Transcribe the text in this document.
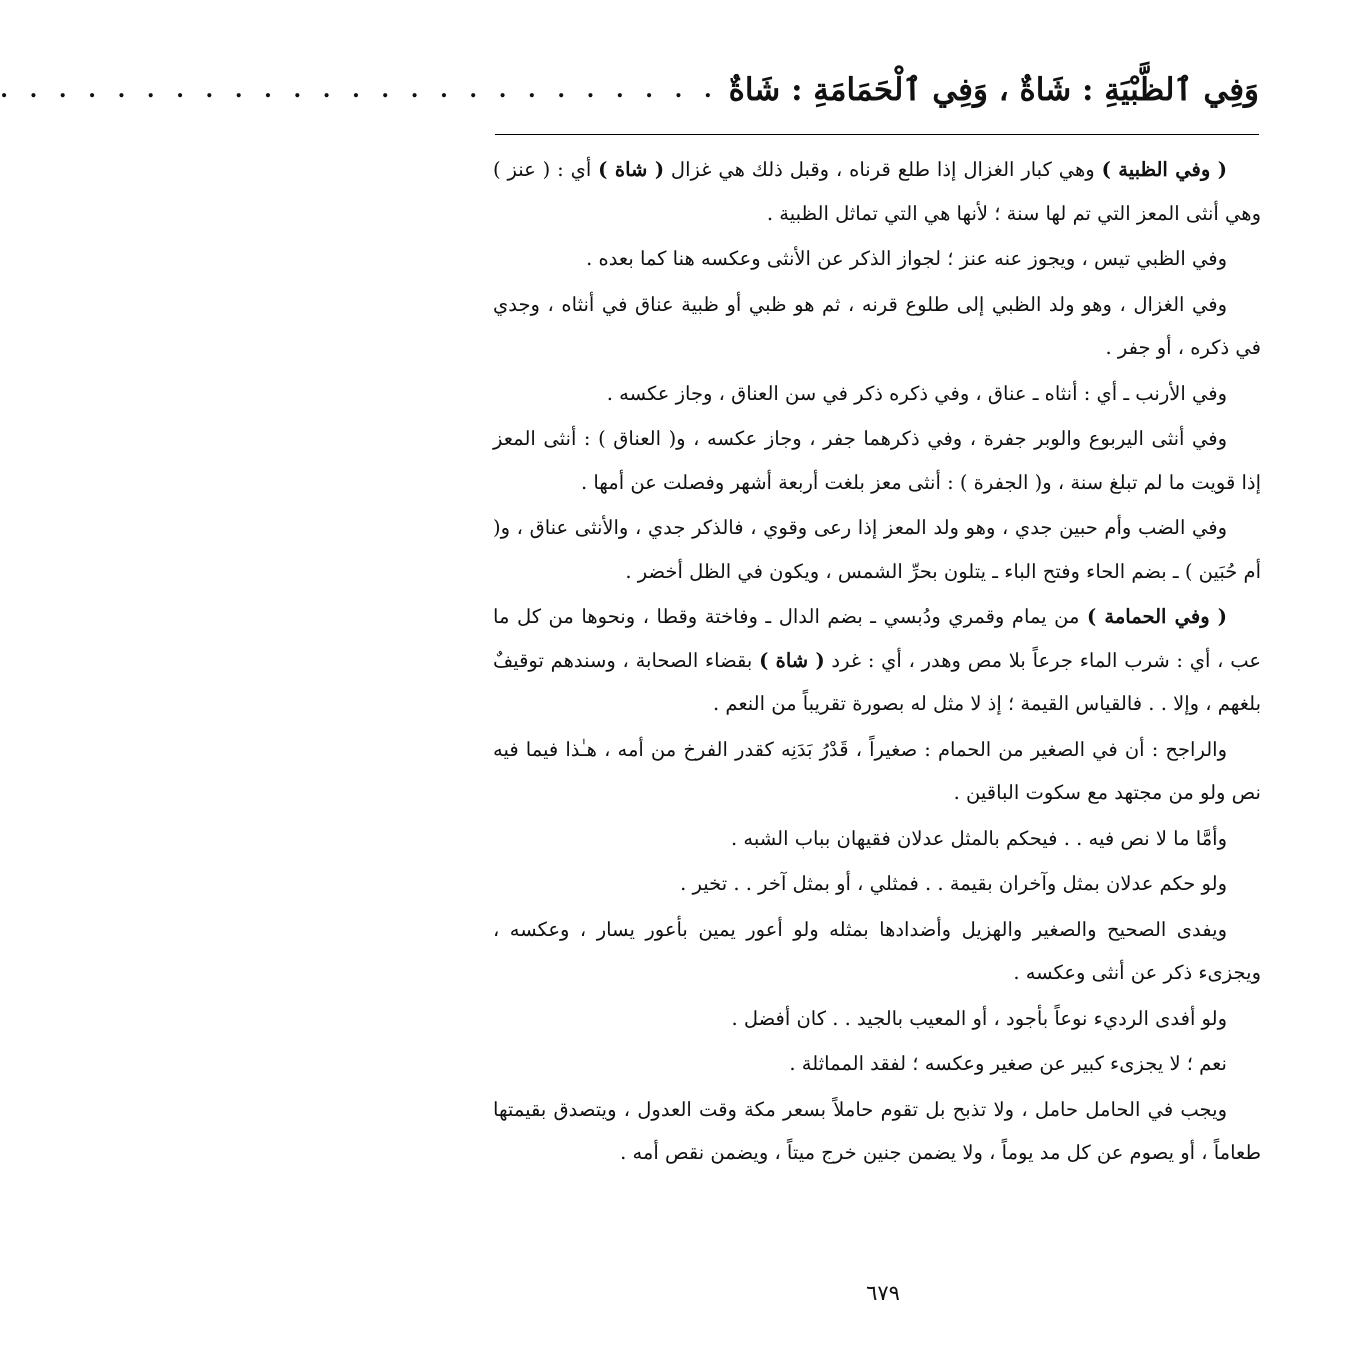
وَفِي ٱلظَّبْيَةِ : شَاةٌ ، وَفِي ٱلْحَمَامَةِ : شَاةٌ
. . . . . . . . . . . . . . . . . . . . . . . . .

( وفي الظبية ) وهي كبار الغزال إذا طلع قرناه ، وقبل ذلك هي غزال ( شاة ) أي : ( عنز ) وهي أنثى المعز التي تم لها سنة ؛ لأنها هي التي تماثل الظبية .

وفي الظبي تيس ، ويجوز عنه عنز ؛ لجواز الذكر عن الأنثى وعكسه هنا كما بعده .

وفي الغزال ، وهو ولد الظبي إلى طلوع قرنه ، ثم هو ظبي أو ظبية عناق في أنثاه ، وجدي في ذكره ، أو جفر .

وفي الأرنب ـ أي : أنثاه ـ عناق ، وفي ذكره ذكر في سن العناق ، وجاز عكسه .

وفي أنثى اليربوع والوبر جفرة ، وفي ذكرهما جفر ، وجاز عكسه ، و( العناق ) : أنثى المعز إذا قويت ما لم تبلغ سنة ، و( الجفرة ) : أنثى معز بلغت أربعة أشهر وفصلت عن أمها .

وفي الضب وأم حبين جدي ، وهو ولد المعز إذا رعى وقوي ، فالذكر جدي ، والأنثى عناق ، و( أم حُبَين ) ـ بضم الحاء وفتح الباء ـ يتلون بحرِّ الشمس ، ويكون في الظل أخضر .

( وفي الحمامة ) من يمام وقمري ودُبسي ـ بضم الدال ـ وفاختة وقطا ، ونحوها من كل ما عب ، أي : شرب الماء جرعاً بلا مص وهدر ، أي : غرد ( شاة ) بقضاء الصحابة ، وسندهم توقيفٌ بلغهم ، وإلا . . فالقياس القيمة ؛ إذ لا مثل له بصورة تقريباً من النعم .

والراجح : أن في الصغير من الحمام : صغيراً ، قَدْرُ بَدَنِه كقدر الفرخ من أمه ، هـٰذا فيما فيه نص ولو من مجتهد مع سكوت الباقين .

وأمَّا ما لا نص فيه . . فيحكم بالمثل عدلان فقيهان بباب الشبه .

ولو حكم عدلان بمثل وآخران بقيمة . . فمثلي ، أو بمثل آخر . . تخير .

ويفدى الصحيح والصغير والهزيل وأضدادها بمثله ولو أعور يمين بأعور يسار ، وعكسه ، ويجزىء ذكر عن أنثى وعكسه .

ولو أفدى الرديء نوعاً بأجود ، أو المعيب بالجيد . . كان أفضل .

نعم ؛ لا يجزىء كبير عن صغير وعكسه ؛ لفقد المماثلة .

ويجب في الحامل حامل ، ولا تذبح بل تقوم حاملاً بسعر مكة وقت العدول ، ويتصدق بقيمتها طعاماً ، أو يصوم عن كل مد يوماً ، ولا يضمن جنين خرج ميتاً ، ويضمن نقص أمه .

٦٧٩
